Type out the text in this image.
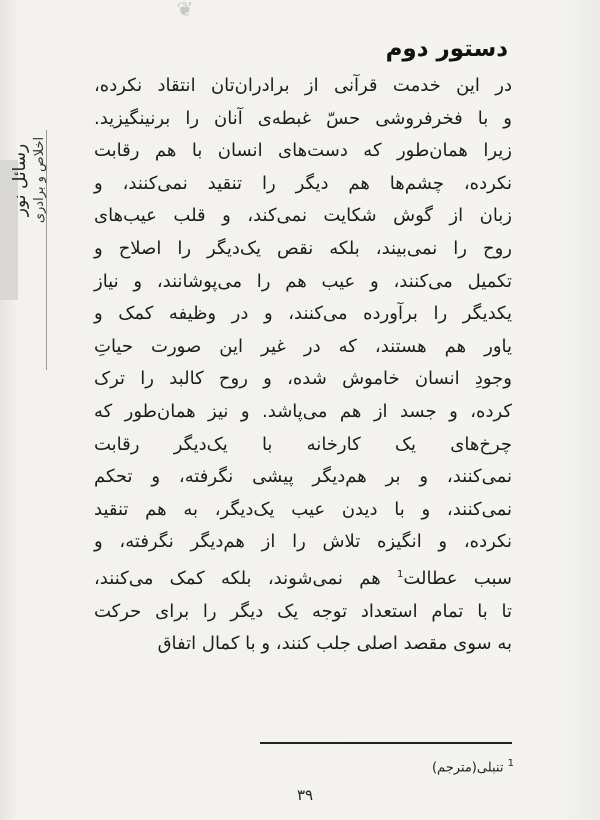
❦
رسائل نور اخلاص و برادری
دستور دوم
در این خدمت قرآنی از برادران‌تان انتقاد نکرده،
و با فخرفروشی حسّ غبطه‌ی آنان را برنینگیزید.
زیرا همان‌طور که دست‌های انسان با هم رقابت
نکرده، چشم‌ها هم دیگر را تنقید نمی‌کنند، و
زبان از گوش شکایت نمی‌کند، و قلب عیب‌های
روح را نمی‌بیند، بلکه نقص یک‌دیگر را اصلاح و
تکمیل می‌کنند، و عیب هم را می‌پوشانند، و نیاز
یکدیگر را برآورده می‌کنند، و در وظیفه کمک و
یاور هم هستند، که در غیر این صورت حیاتِ
وجودِ انسان خاموش شده، و روح کالبد را ترک
کرده، و جسد از هم می‌پاشد. و نیز همان‌طور که
چرخ‌های یک کارخانه با یک‌دیگر رقابت
نمی‌کنند، و بر هم‌دیگر پیشی نگرفته، و تحکم
نمی‌کنند، و با دیدن عیب یک‌دیگر، به هم تنقید
نکرده، و انگیزه تلاش را از هم‌دیگر نگرفته، و
سبب عطالت$^1$ هم نمی‌شوند، بلکه کمک می‌کنند،
تا با تمام استعداد توجه یک دیگر را برای حرکت
به سوی مقصد اصلی جلب کنند، و با کمال اتفاق
$^1$ تنبلی(مترجم)
۳۹
